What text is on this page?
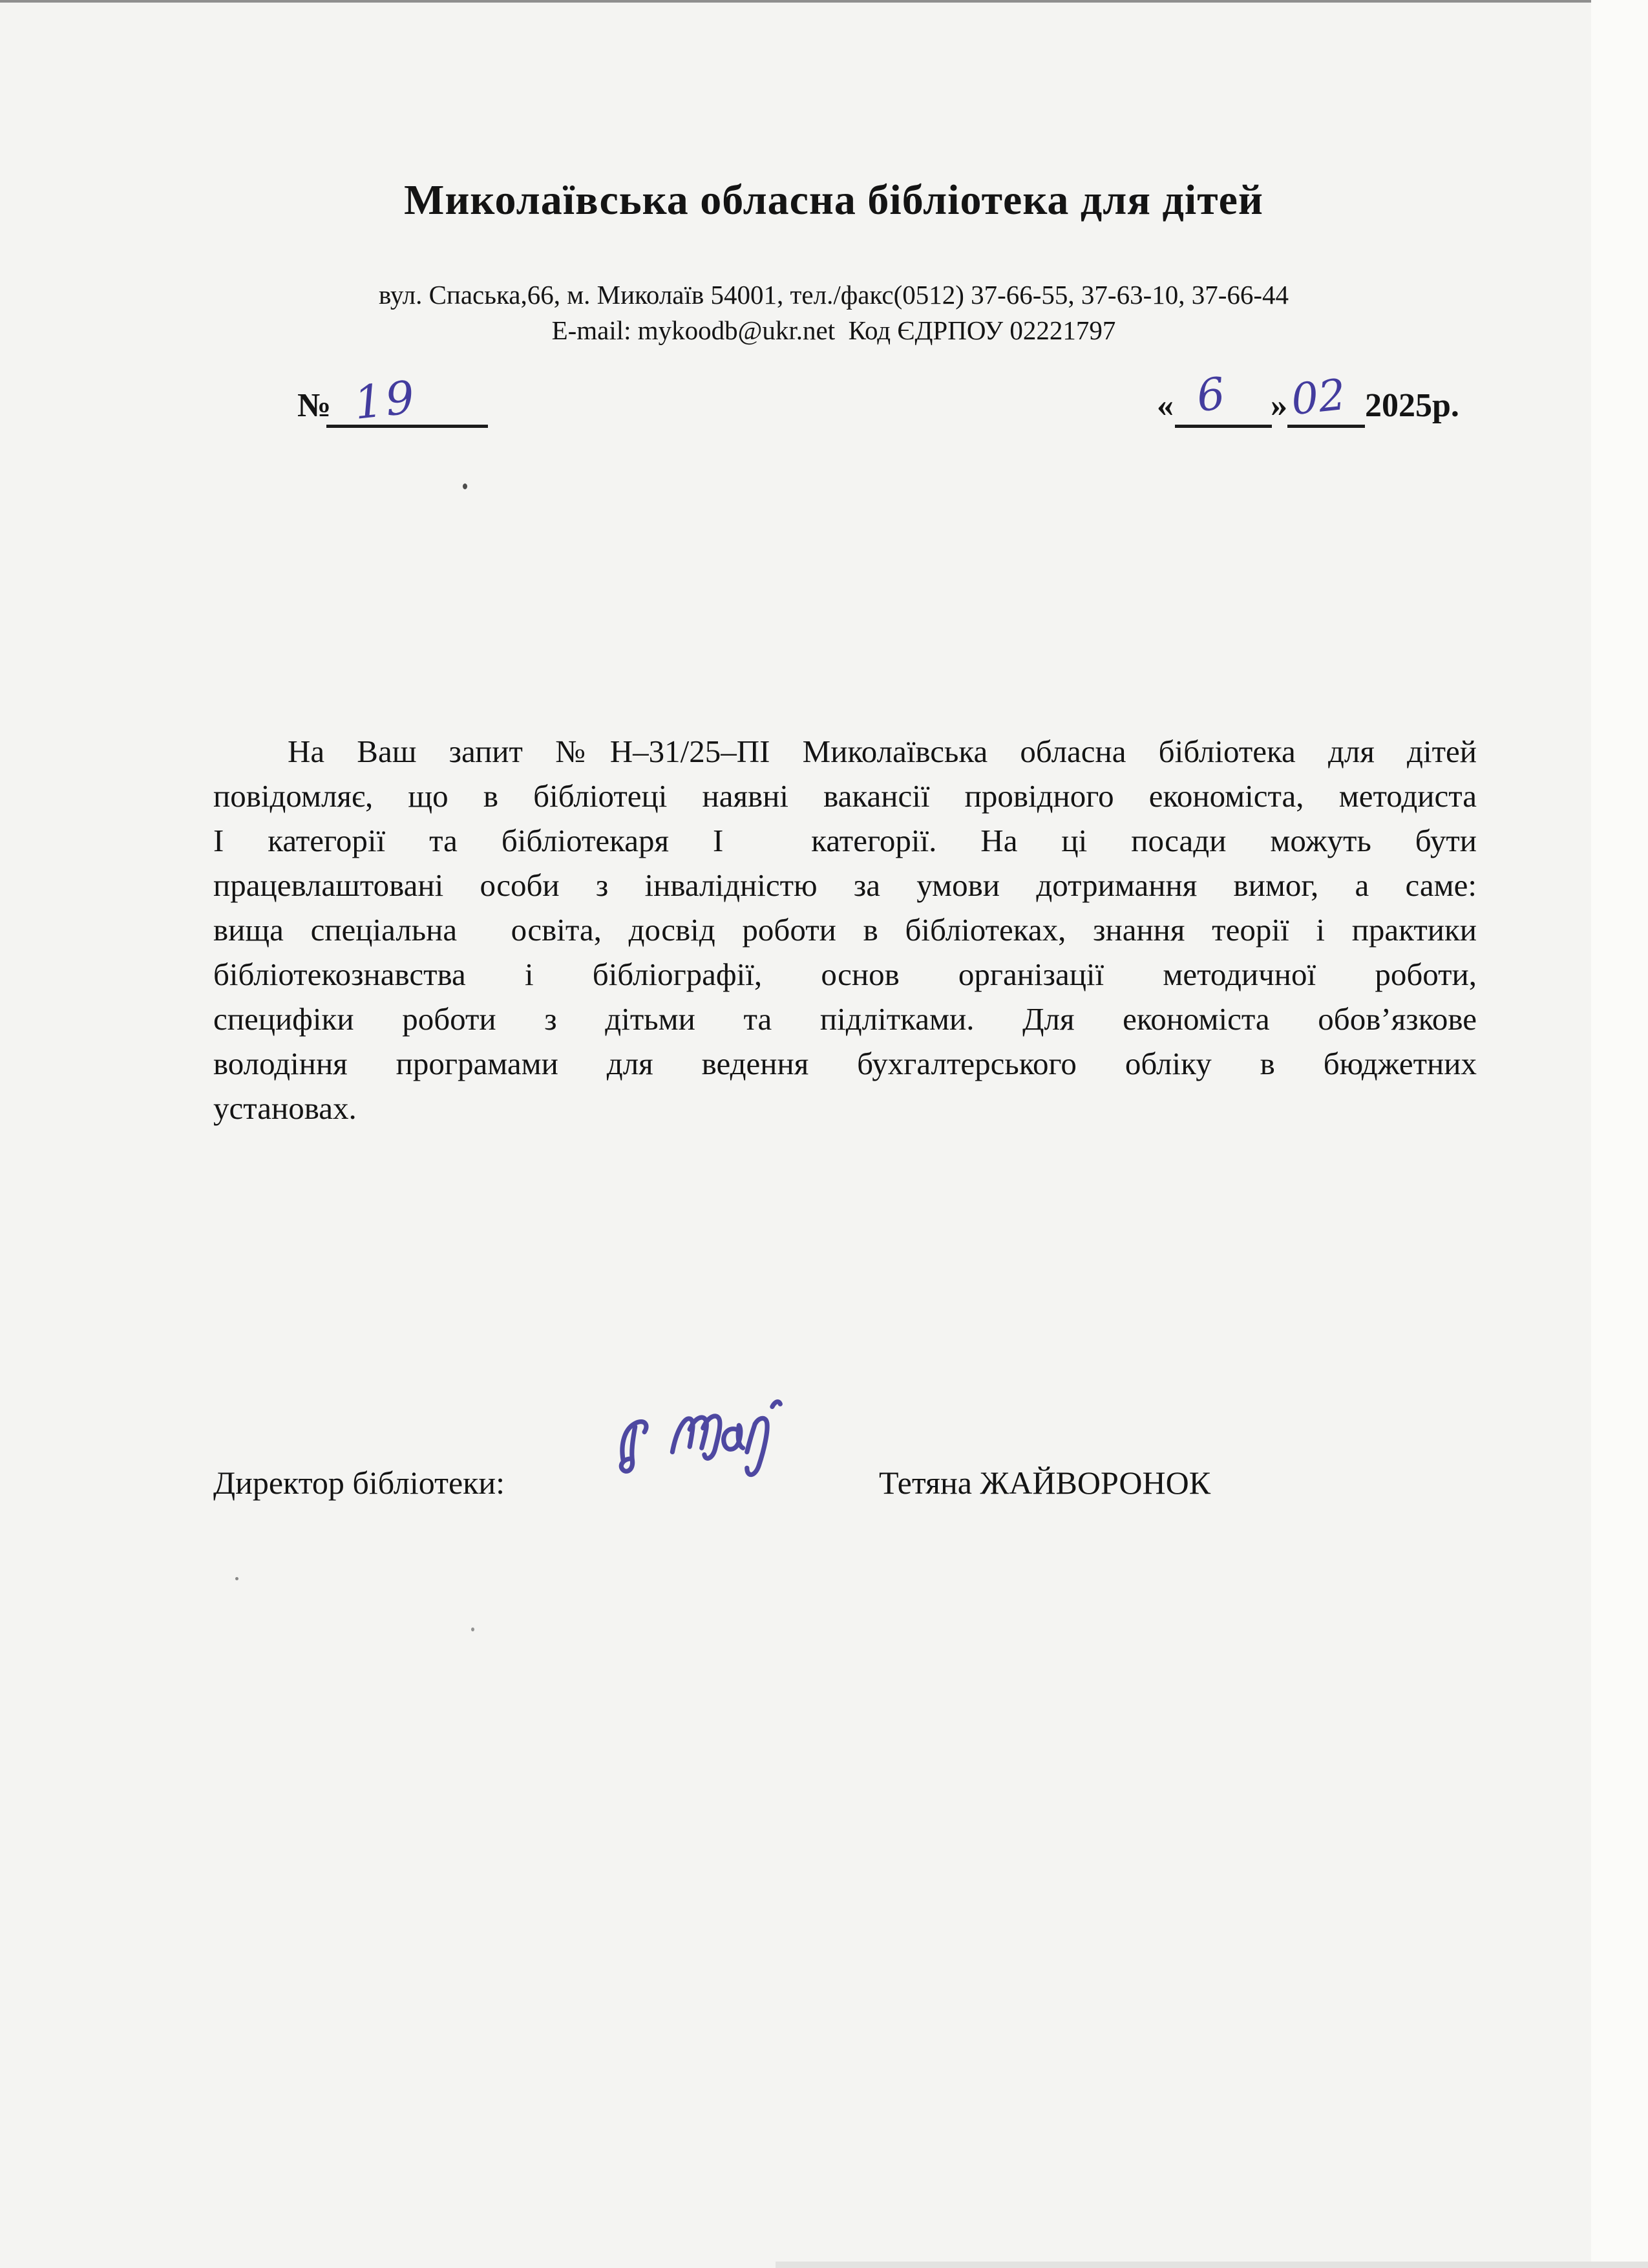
Миколаївська обласна бібліотека для дітей
вул. Спаська,66, м. Миколаїв 54001, тел./факс(0512) 37-66-55, 37-63-10, 37-66-44
E-mail: mykoodb@ukr.net  Код ЄДРПОУ 02221797
№ 19	« 6 » 02 2025р.
На Ваш запит №Н–31/25–ПІ Миколаївська обласна бібліотека для дітей
повідомляє, що в бібліотеці наявні вакансії провідного економіста, методиста
І категорії та бібліотекаря І  категорії. На ці посади можуть бути
працевлаштовані особи з інвалідністю за умови дотримання вимог, а саме:
вища спеціальна  освіта, досвід роботи в бібліотеках, знання теорії і практики
бібліотекознавства і бібліографії, основ організації методичної роботи,
специфіки роботи з дітьми та підлітками. Для економіста обов’язкове
володіння програмами для ведення бухгалтерського обліку в бюджетних
установах.
Директор бібліотеки:	Тетяна ЖАЙВОРОНОК
